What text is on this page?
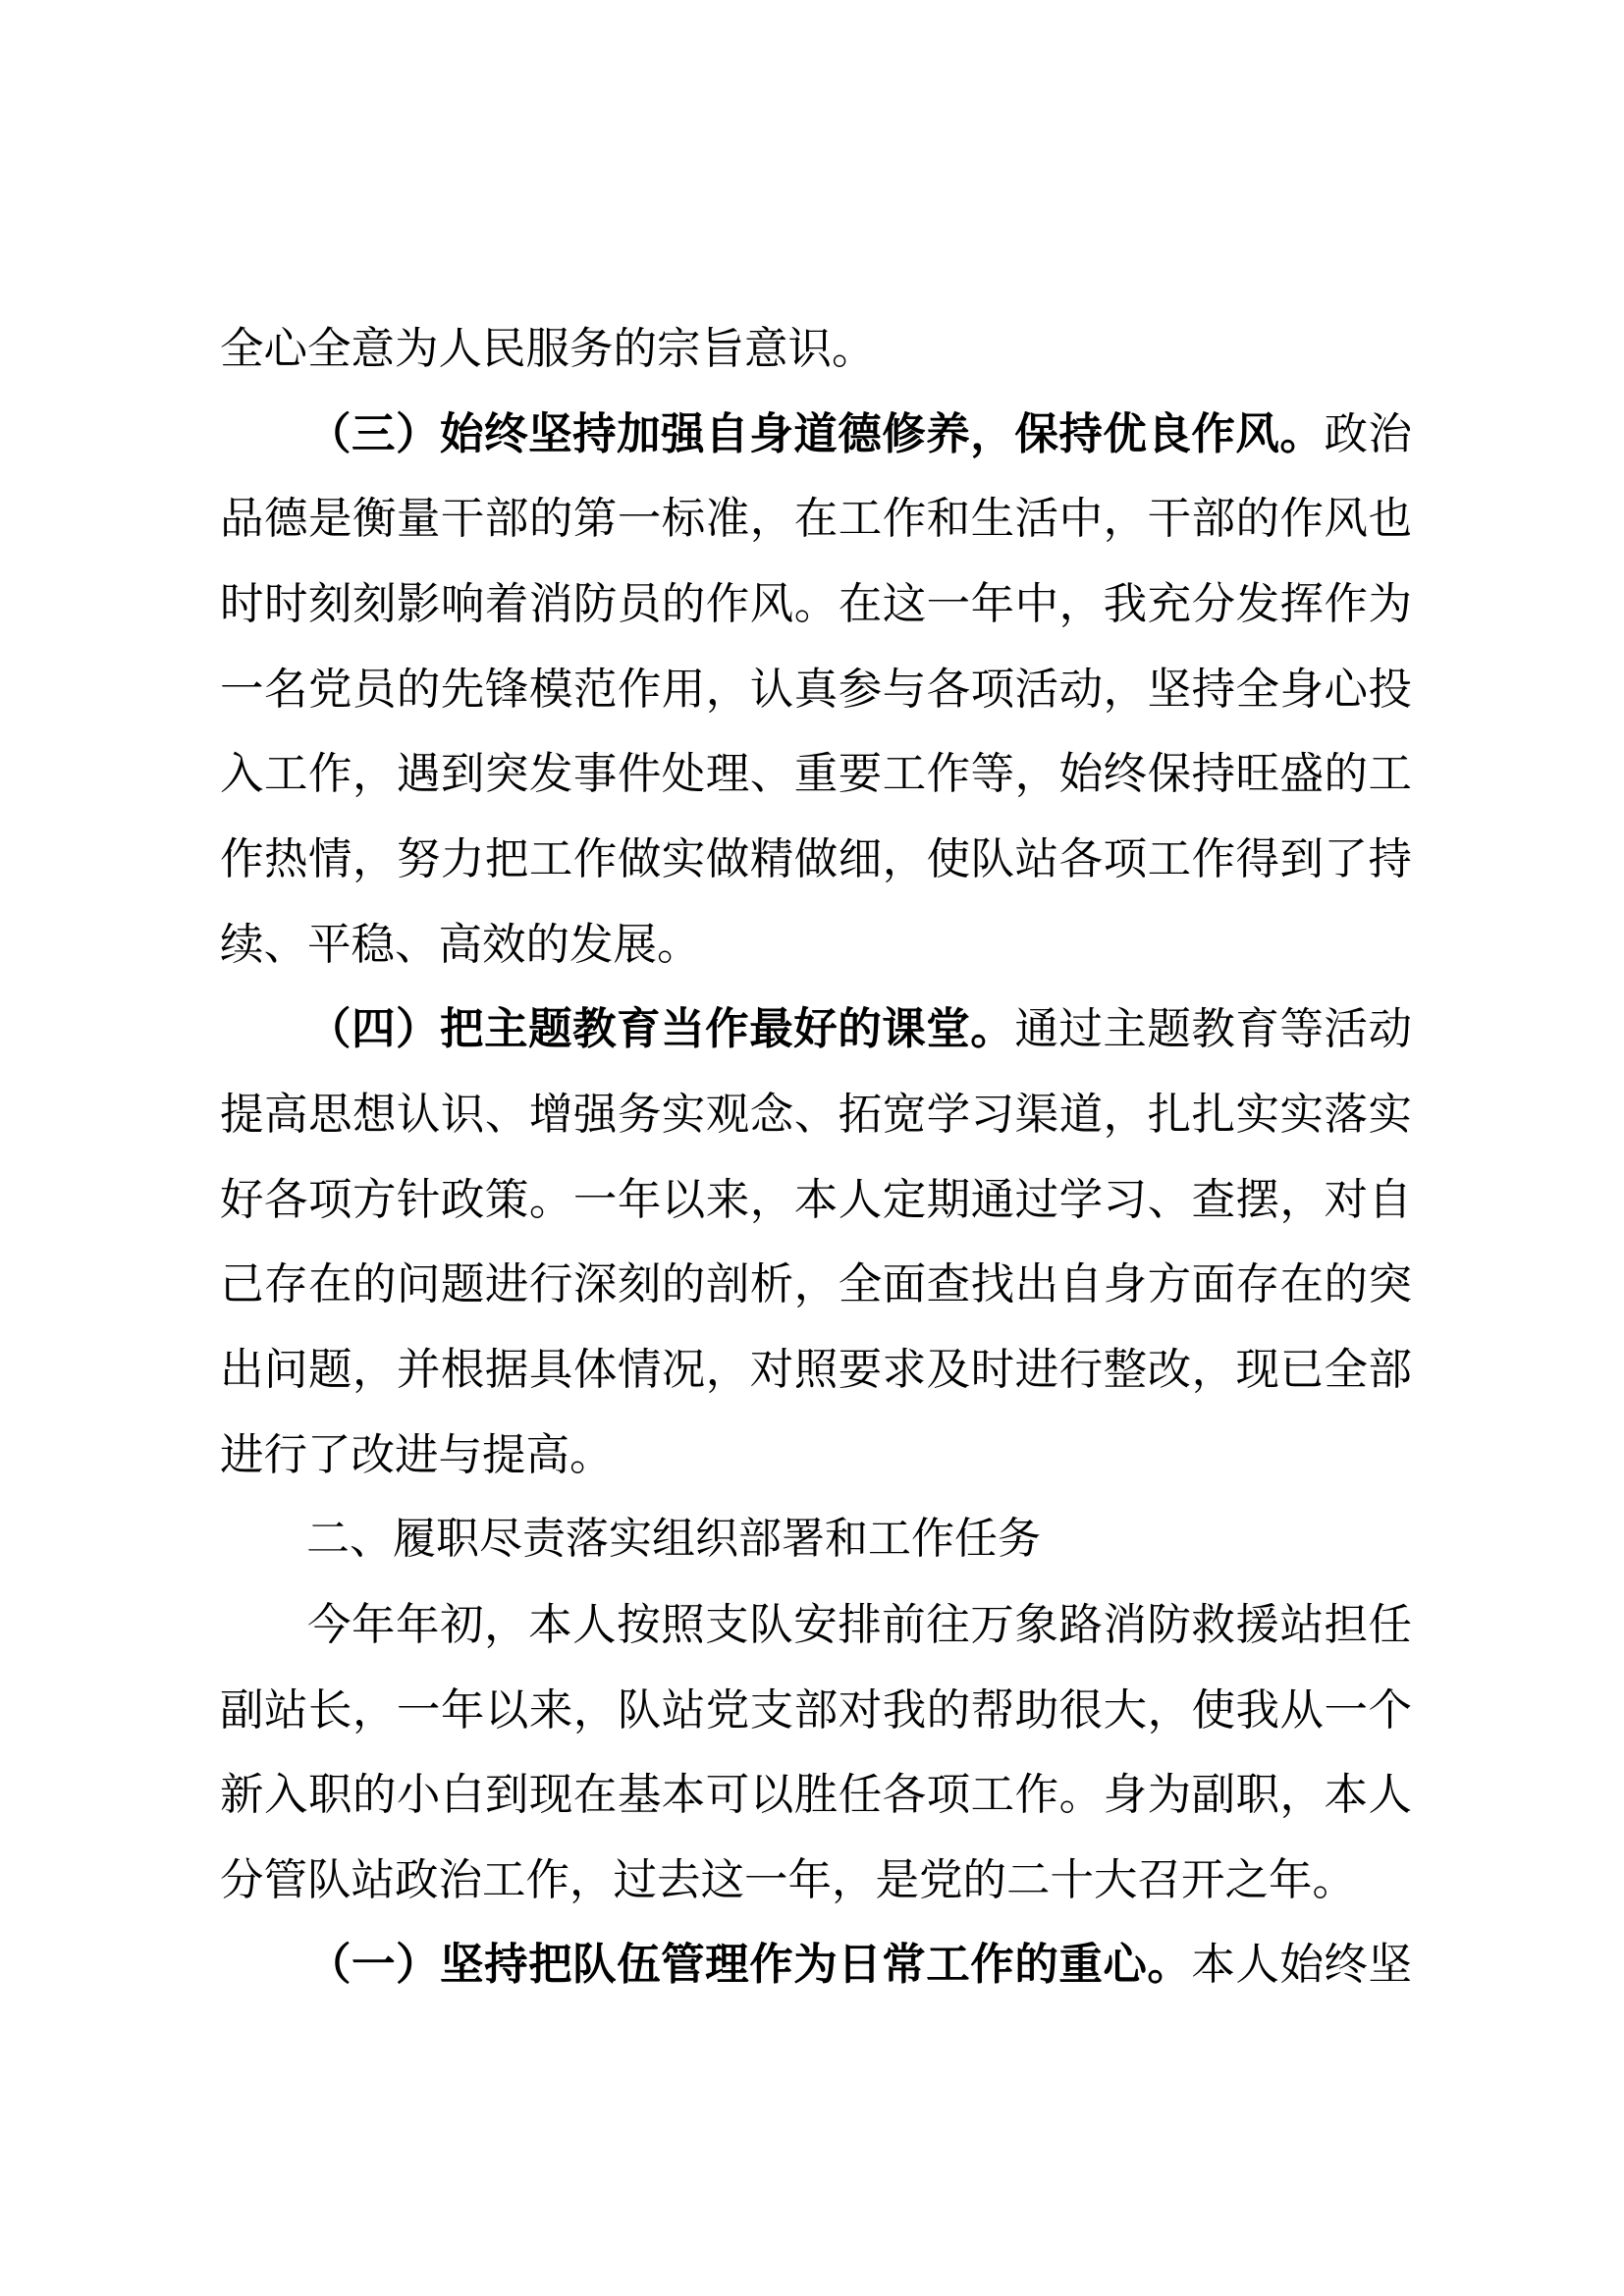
全心全意为人民服务的宗旨意识。

（三）始终坚持加强自身道德修养，保持优良作风。政治品德是衡量干部的第一标准，在工作和生活中，干部的作风也时时刻刻影响着消防员的作风。在这一年中，我充分发挥作为一名党员的先锋模范作用，认真参与各项活动，坚持全身心投入工作，遇到突发事件处理、重要工作等，始终保持旺盛的工作热情，努力把工作做实做精做细，使队站各项工作得到了持续、平稳、高效的发展。

（四）把主题教育当作最好的课堂。通过主题教育等活动提高思想认识、增强务实观念、拓宽学习渠道，扎扎实实落实好各项方针政策。一年以来，本人定期通过学习、查摆，对自己存在的问题进行深刻的剖析，全面查找出自身方面存在的突出问题，并根据具体情况，对照要求及时进行整改，现已全部进行了改进与提高。

二、履职尽责落实组织部署和工作任务

今年年初，本人按照支队安排前往万象路消防救援站担任副站长，一年以来，队站党支部对我的帮助很大，使我从一个新入职的小白到现在基本可以胜任各项工作。身为副职，本人分管队站政治工作，过去这一年，是党的二十大召开之年。

（一）坚持把队伍管理作为日常工作的重心。本人始终坚
